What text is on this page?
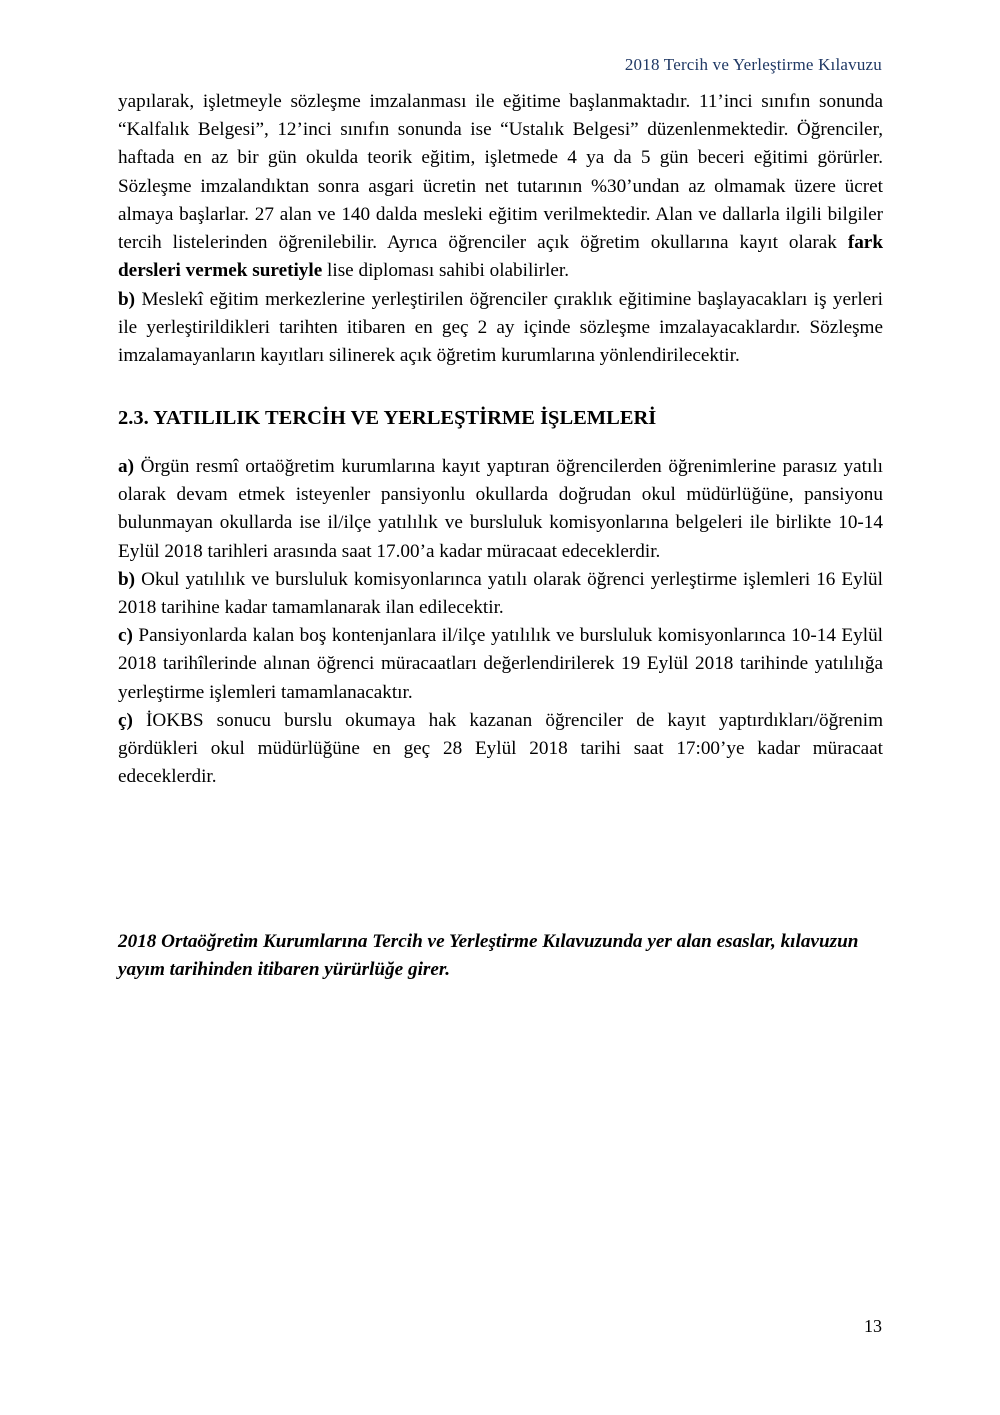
2018 Tercih ve Yerleştirme Kılavuzu

yapılarak, işletmeyle sözleşme imzalanması ile eğitime başlanmaktadır. 11’inci sınıfın sonunda “Kalfalık Belgesi”, 12’inci sınıfın sonunda ise “Ustalık Belgesi” düzenlenmektedir. Öğrenciler, haftada en az bir gün okulda teorik eğitim, işletmede 4 ya da 5 gün beceri eğitimi görürler. Sözleşme imzalandıktan sonra asgari ücretin net tutarının %30’undan az olmamak üzere ücret almaya başlarlar. 27 alan ve 140 dalda mesleki eğitim verilmektedir. Alan ve dallarla ilgili bilgiler tercih listelerinden öğrenilebilir. Ayrıca öğrenciler açık öğretim okullarına kayıt olarak fark dersleri vermek suretiyle lise diploması sahibi olabilirler.

b) Meslekî eğitim merkezlerine yerleştirilen öğrenciler çıraklık eğitimine başlayacakları iş yerleri ile yerleştirildikleri tarihten itibaren en geç 2 ay içinde sözleşme imzalayacaklardır. Sözleşme imzalamayanların kayıtları silinerek açık öğretim kurumlarına yönlendirilecektir.

2.3. YATILILIK TERCİH VE YERLEŞTİRME İŞLEMLERİ

a) Örgün resmî ortaöğretim kurumlarına kayıt yaptıran öğrencilerden öğrenimlerine parasız yatılı olarak devam etmek isteyenler pansiyonlu okullarda doğrudan okul müdürlüğüne, pansiyonu bulunmayan okullarda ise il/ilçe yatılılık ve bursluluk komisyonlarına belgeleri ile birlikte 10-14 Eylül 2018 tarihleri arasında saat 17.00’a kadar müracaat edeceklerdir.

b) Okul yatılılık ve bursluluk komisyonlarınca yatılı olarak öğrenci yerleştirme işlemleri 16 Eylül 2018 tarihine kadar tamamlanarak ilan edilecektir.

c) Pansiyonlarda kalan boş kontenjanlara il/ilçe yatılılık ve bursluluk komisyonlarınca 10-14 Eylül 2018 tarihîlerinde alınan öğrenci müracaatları değerlendirilerek 19 Eylül 2018 tarihinde yatılılığa yerleştirme işlemleri tamamlanacaktır.

ç) İOKBS sonucu burslu okumaya hak kazanan öğrenciler de kayıt yaptırdıkları/öğrenim gördükleri okul müdürlüğüne en geç 28 Eylül 2018 tarihi saat 17:00’ye kadar müracaat edeceklerdir.

2018 Ortaöğretim Kurumlarına Tercih ve Yerleştirme Kılavuzunda yer alan esaslar, kılavuzun yayım tarihinden itibaren yürürlüğe girer.

13
